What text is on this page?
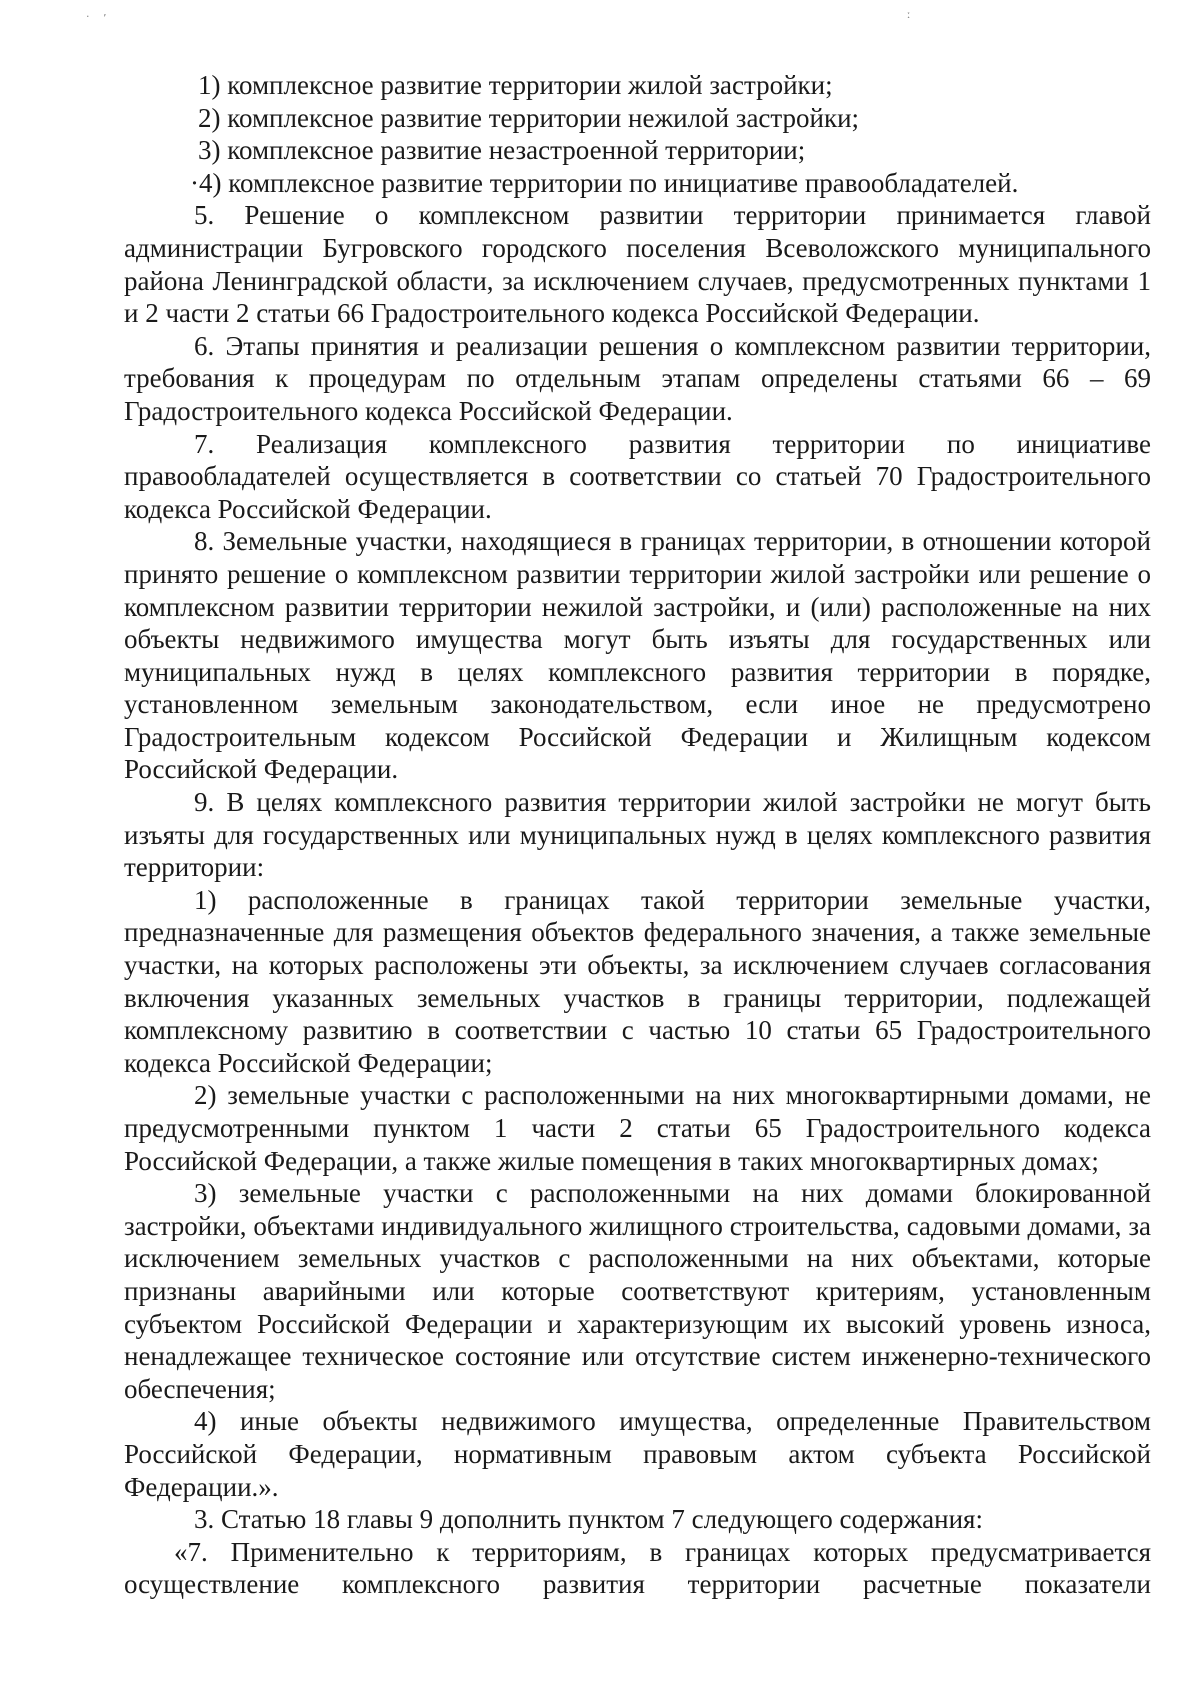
· ʼ	ː

1) комплексное развитие территории жилой застройки;

2) комплексное развитие территории нежилой застройки;

3) комплексное развитие незастроенной территории;

·4) комплексное развитие территории по инициативе правообладателей.

5. Решение о комплексном развитии территории принимается главой администрации Бугровского городского поселения Всеволожского муниципального района Ленинградской области, за исключением случаев, предусмотренных пунктами 1 и 2 части 2 статьи 66 Градостроительного кодекса Российской Федерации.

6. Этапы принятия и реализации решения о комплексном развитии территории, требования к процедурам по отдельным этапам определены статьями 66 – 69 Градостроительного кодекса Российской Федерации.

7. Реализация комплексного развития территории по инициативе правообладателей осуществляется в соответствии со статьей 70 Градостроительного кодекса Российской Федерации.

8. Земельные участки, находящиеся в границах территории, в отношении которой принято решение о комплексном развитии территории жилой застройки или решение о комплексном развитии территории нежилой застройки, и (или) расположенные на них объекты недвижимого имущества могут быть изъяты для государственных или муниципальных нужд в целях комплексного развития территории в порядке, установленном земельным законодательством, если иное не предусмотрено Градостроительным кодексом Российской Федерации и Жилищным кодексом Российской Федерации.

9. В целях комплексного развития территории жилой застройки не могут быть изъяты для государственных или муниципальных нужд в целях комплексного развития территории:

1) расположенные в границах такой территории земельные участки, предназначенные для размещения объектов федерального значения, а также земельные участки, на которых расположены эти объекты, за исключением случаев согласования включения указанных земельных участков в границы территории, подлежащей комплексному развитию в соответствии с частью 10 статьи 65 Градостроительного кодекса Российской Федерации;

2) земельные участки с расположенными на них многоквартирными домами, не предусмотренными пунктом 1 части 2 статьи 65 Градостроительного кодекса Российской Федерации, а также жилые помещения в таких многоквартирных домах;

3) земельные участки с расположенными на них домами блокированной застройки, объектами индивидуального жилищного строительства, садовыми домами, за исключением земельных участков с расположенными на них объектами, которые признаны аварийными или которые соответствуют критериям, установленным субъектом Российской Федерации и характеризующим их высокий уровень износа, ненадлежащее техническое состояние или отсутствие систем инженерно-технического обеспечения;

4) иные объекты недвижимого имущества, определенные Правительством Российской Федерации, нормативным правовым актом субъекта Российской Федерации.».

3. Статью 18 главы 9 дополнить пунктом 7 следующего содержания:

«7. Применительно к территориям, в границах которых предусматривается осуществление комплексного развития территории расчетные показатели
